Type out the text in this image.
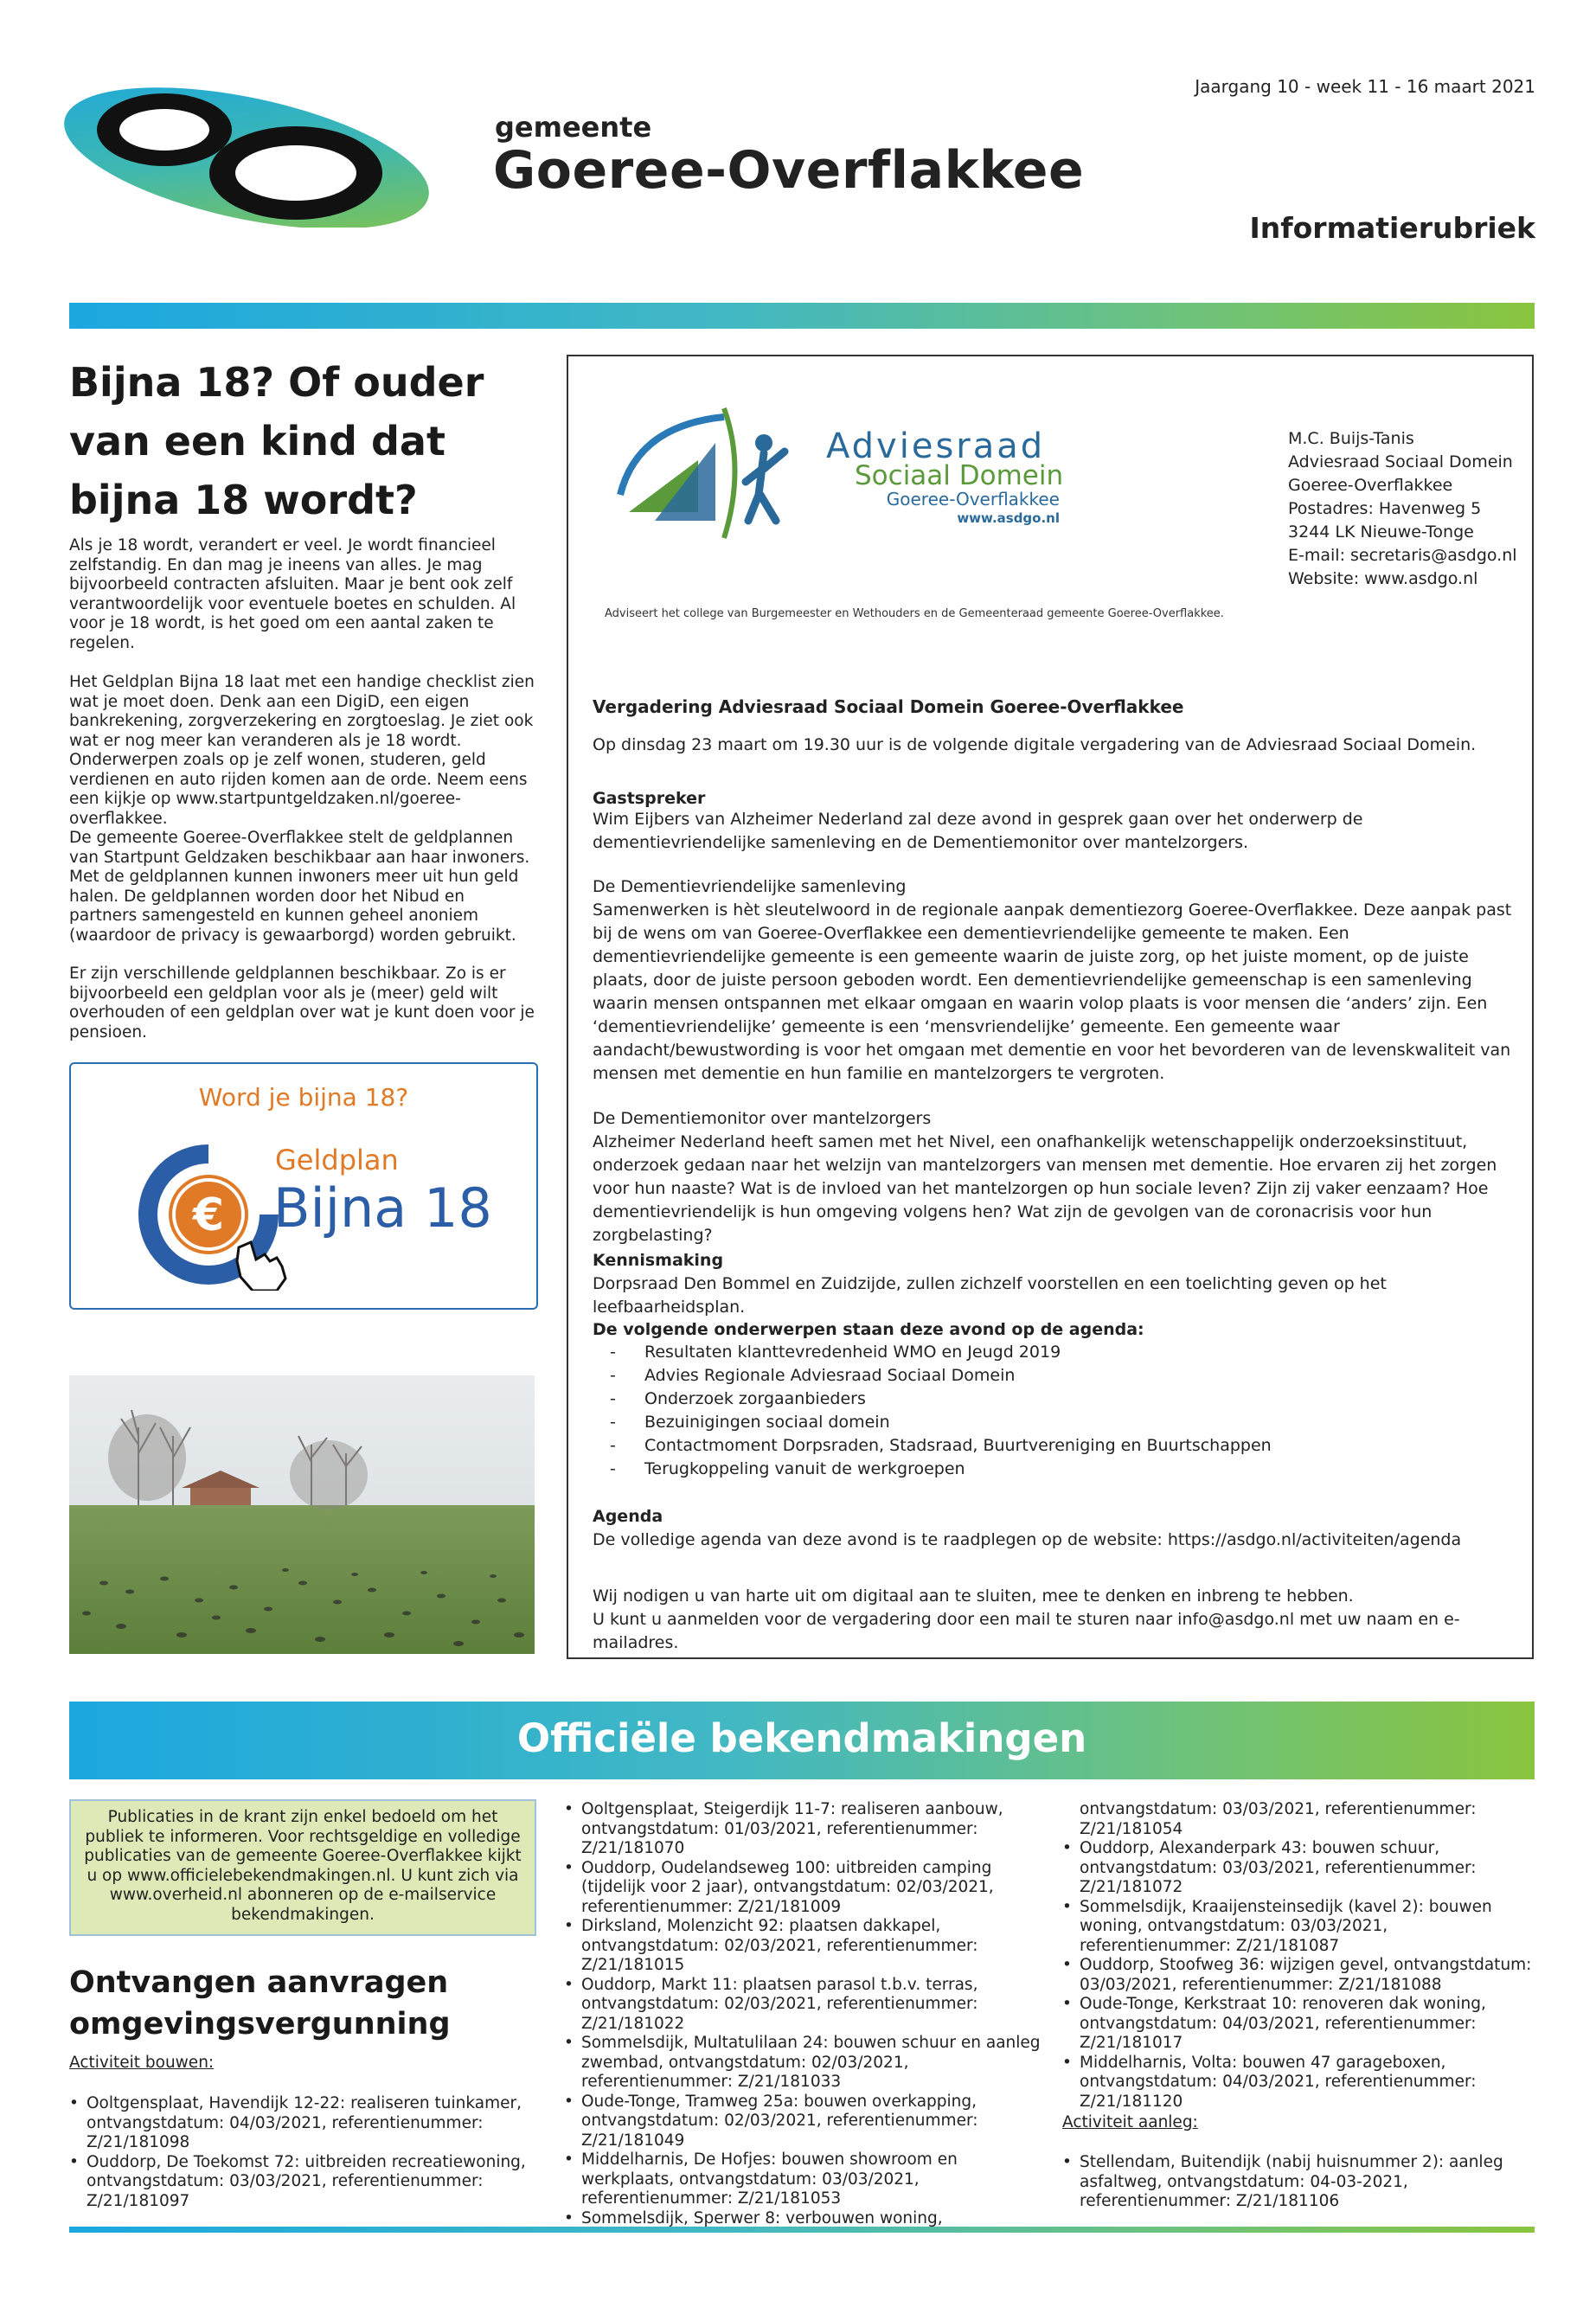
gemeente
Goeree-Overflakkee
Jaargang 10 - week 11 - 16 maart 2021
Informatierubriek
Bijna 18? Of ouder van een kind dat bijna 18 wordt?

Als je 18 wordt, verandert er veel. Je wordt financieel zelfstandig. En dan mag je ineens van alles. Je mag bijvoorbeeld contracten afsluiten. Maar je bent ook zelf verantwoordelijk voor eventuele boetes en schulden. Al voor je 18 wordt, is het goed om een aantal zaken te regelen.

Het Geldplan Bijna 18 laat met een handige checklist zien wat je moet doen. Denk aan een DigiD, een eigen bankrekening, zorgverzekering en zorgtoeslag. Je ziet ook wat er nog meer kan veranderen als je 18 wordt. Onderwerpen zoals op je zelf wonen, studeren, geld verdienen en auto rijden komen aan de orde. Neem eens een kijkje op www.startpuntgeldzaken.nl/goeree-overflakkee.

De gemeente Goeree-Overflakkee stelt de geldplannen van Startpunt Geldzaken beschikbaar aan haar inwoners. Met de geldplannen kunnen inwoners meer uit hun geld halen. De geldplannen worden door het Nibud en partners samengesteld en kunnen geheel anoniem (waardoor de privacy is gewaarborgd) worden gebruikt.

Er zijn verschillende geldplannen beschikbaar. Zo is er bijvoorbeeld een geldplan voor als je (meer) geld wilt overhouden of een geldplan over wat je kunt doen voor je pensioen.

Word je bijna 18?
€
Geldplan
Bijna 18
Adviesraad
Sociaal Domein
Goeree-Overflakkee
www.asdgo.nl
Adviseert het college van Burgemeester en Wethouders en de Gemeenteraad gemeente Goeree-Overflakkee.
M.C. Buijs-Tanis
Adviesraad Sociaal Domein
Goeree-Overflakkee
Postadres: Havenweg 5
3244 LK Nieuwe-Tonge
E-mail: secretaris@asdgo.nl
Website: www.asdgo.nl
Vergadering Adviesraad Sociaal Domein Goeree-Overflakkee
Op dinsdag 23 maart om 19.30 uur is de volgende digitale vergadering van de Adviesraad Sociaal Domein.
Gastspreker
Wim Eijbers van Alzheimer Nederland zal deze avond in gesprek gaan over het onderwerp de dementievriendelijke samenleving en de Dementiemonitor over mantelzorgers.
De Dementievriendelijke samenleving
Samenwerken is hèt sleutelwoord in de regionale aanpak dementiezorg Goeree-Overflakkee. Deze aanpak past bij de wens om van Goeree-Overflakkee een dementievriendelijke gemeente te maken. Een dementievriendelijke gemeente is een gemeente waarin de juiste zorg, op het juiste moment, op de juiste plaats, door de juiste persoon geboden wordt. Een dementievriendelijke gemeenschap is een samenleving waarin mensen ontspannen met elkaar omgaan en waarin volop plaats is voor mensen die ‘anders’ zijn. Een ‘dementievriendelijke’ gemeente is een ‘mensvriendelijke’ gemeente. Een gemeente waar aandacht/bewustwording is voor het omgaan met dementie en voor het bevorderen van de levenskwaliteit van mensen met dementie en hun familie en mantelzorgers te vergroten.
De Dementiemonitor over mantelzorgers
Alzheimer Nederland heeft samen met het Nivel, een onafhankelijk wetenschappelijk onderzoeksinstituut, onderzoek gedaan naar het welzijn van mantelzorgers van mensen met dementie. Hoe ervaren zij het zorgen voor hun naaste? Wat is de invloed van het mantelzorgen op hun sociale leven? Zijn zij vaker eenzaam? Hoe dementievriendelijk is hun omgeving volgens hen? Wat zijn de gevolgen van de coronacrisis voor hun zorgbelasting?
Kennismaking
Dorpsraad Den Bommel en Zuidzijde, zullen zichzelf voorstellen en een toelichting geven op het leefbaarheidsplan.
De volgende onderwerpen staan deze avond op de agenda:
- Resultaten klanttevredenheid WMO en Jeugd 2019
- Advies Regionale Adviesraad Sociaal Domein
- Onderzoek zorgaanbieders
- Bezuinigingen sociaal domein
- Contactmoment Dorpsraden, Stadsraad, Buurtvereniging en Buurtschappen
- Terugkoppeling vanuit de werkgroepen
Agenda
De volledige agenda van deze avond is te raadplegen op de website: https://asdgo.nl/activiteiten/agenda
Wij nodigen u van harte uit om digitaal aan te sluiten, mee te denken en inbreng te hebben.
U kunt u aanmelden voor de vergadering door een mail te sturen naar info@asdgo.nl met uw naam en e-mailadres.
Officiële bekendmakingen
Publicaties in de krant zijn enkel bedoeld om het publiek te informeren. Voor rechtsgeldige en volledige publicaties van de gemeente Goeree-Overflakkee kijkt u op www.officielebekendmakingen.nl. U kunt zich via www.overheid.nl abonneren op de e-mailservice bekendmakingen.
Ontvangen aanvragen omgevingsvergunning
Activiteit bouwen:
• Ooltgensplaat, Havendijk 12-22: realiseren tuinkamer, ontvangstdatum: 04/03/2021, referentienummer: Z/21/181098
• Ouddorp, De Toekomst 72: uitbreiden recreatiewoning, ontvangstdatum: 03/03/2021, referentienummer: Z/21/181097
• Ooltgensplaat, Steigerdijk 11-7: realiseren aanbouw, ontvangstdatum: 01/03/2021, referentienummer: Z/21/181070
• Ouddorp, Oudelandseweg 100: uitbreiden camping (tijdelijk voor 2 jaar), ontvangstdatum: 02/03/2021, referentienummer: Z/21/181009
• Dirksland, Molenzicht 92: plaatsen dakkapel, ontvangstdatum: 02/03/2021, referentienummer: Z/21/181015
• Ouddorp, Markt 11: plaatsen parasol t.b.v. terras, ontvangstdatum: 02/03/2021, referentienummer: Z/21/181022
• Sommelsdijk, Multatulilaan 24: bouwen schuur en aanleg zwembad, ontvangstdatum: 02/03/2021, referentienummer: Z/21/181033
• Oude-Tonge, Tramweg 25a: bouwen overkapping, ontvangstdatum: 02/03/2021, referentienummer: Z/21/181049
• Middelharnis, De Hofjes: bouwen showroom en werkplaats, ontvangstdatum: 03/03/2021, referentienummer: Z/21/181053
• Sommelsdijk, Sperwer 8: verbouwen woning,
ontvangstdatum: 03/03/2021, referentienummer: Z/21/181054
• Ouddorp, Alexanderpark 43: bouwen schuur, ontvangstdatum: 03/03/2021, referentienummer: Z/21/181072
• Sommelsdijk, Kraaijensteinsedijk (kavel 2): bouwen woning, ontvangstdatum: 03/03/2021, referentienummer: Z/21/181087
• Ouddorp, Stoofweg 36: wijzigen gevel, ontvangstdatum: 03/03/2021, referentienummer: Z/21/181088
• Oude-Tonge, Kerkstraat 10: renoveren dak woning, ontvangstdatum: 04/03/2021, referentienummer: Z/21/181017
• Middelharnis, Volta: bouwen 47 garageboxen, ontvangstdatum: 04/03/2021, referentienummer: Z/21/181120
Activiteit aanleg:
• Stellendam, Buitendijk (nabij huisnummer 2): aanleg asfaltweg, ontvangstdatum: 04-03-2021, referentienummer: Z/21/181106
